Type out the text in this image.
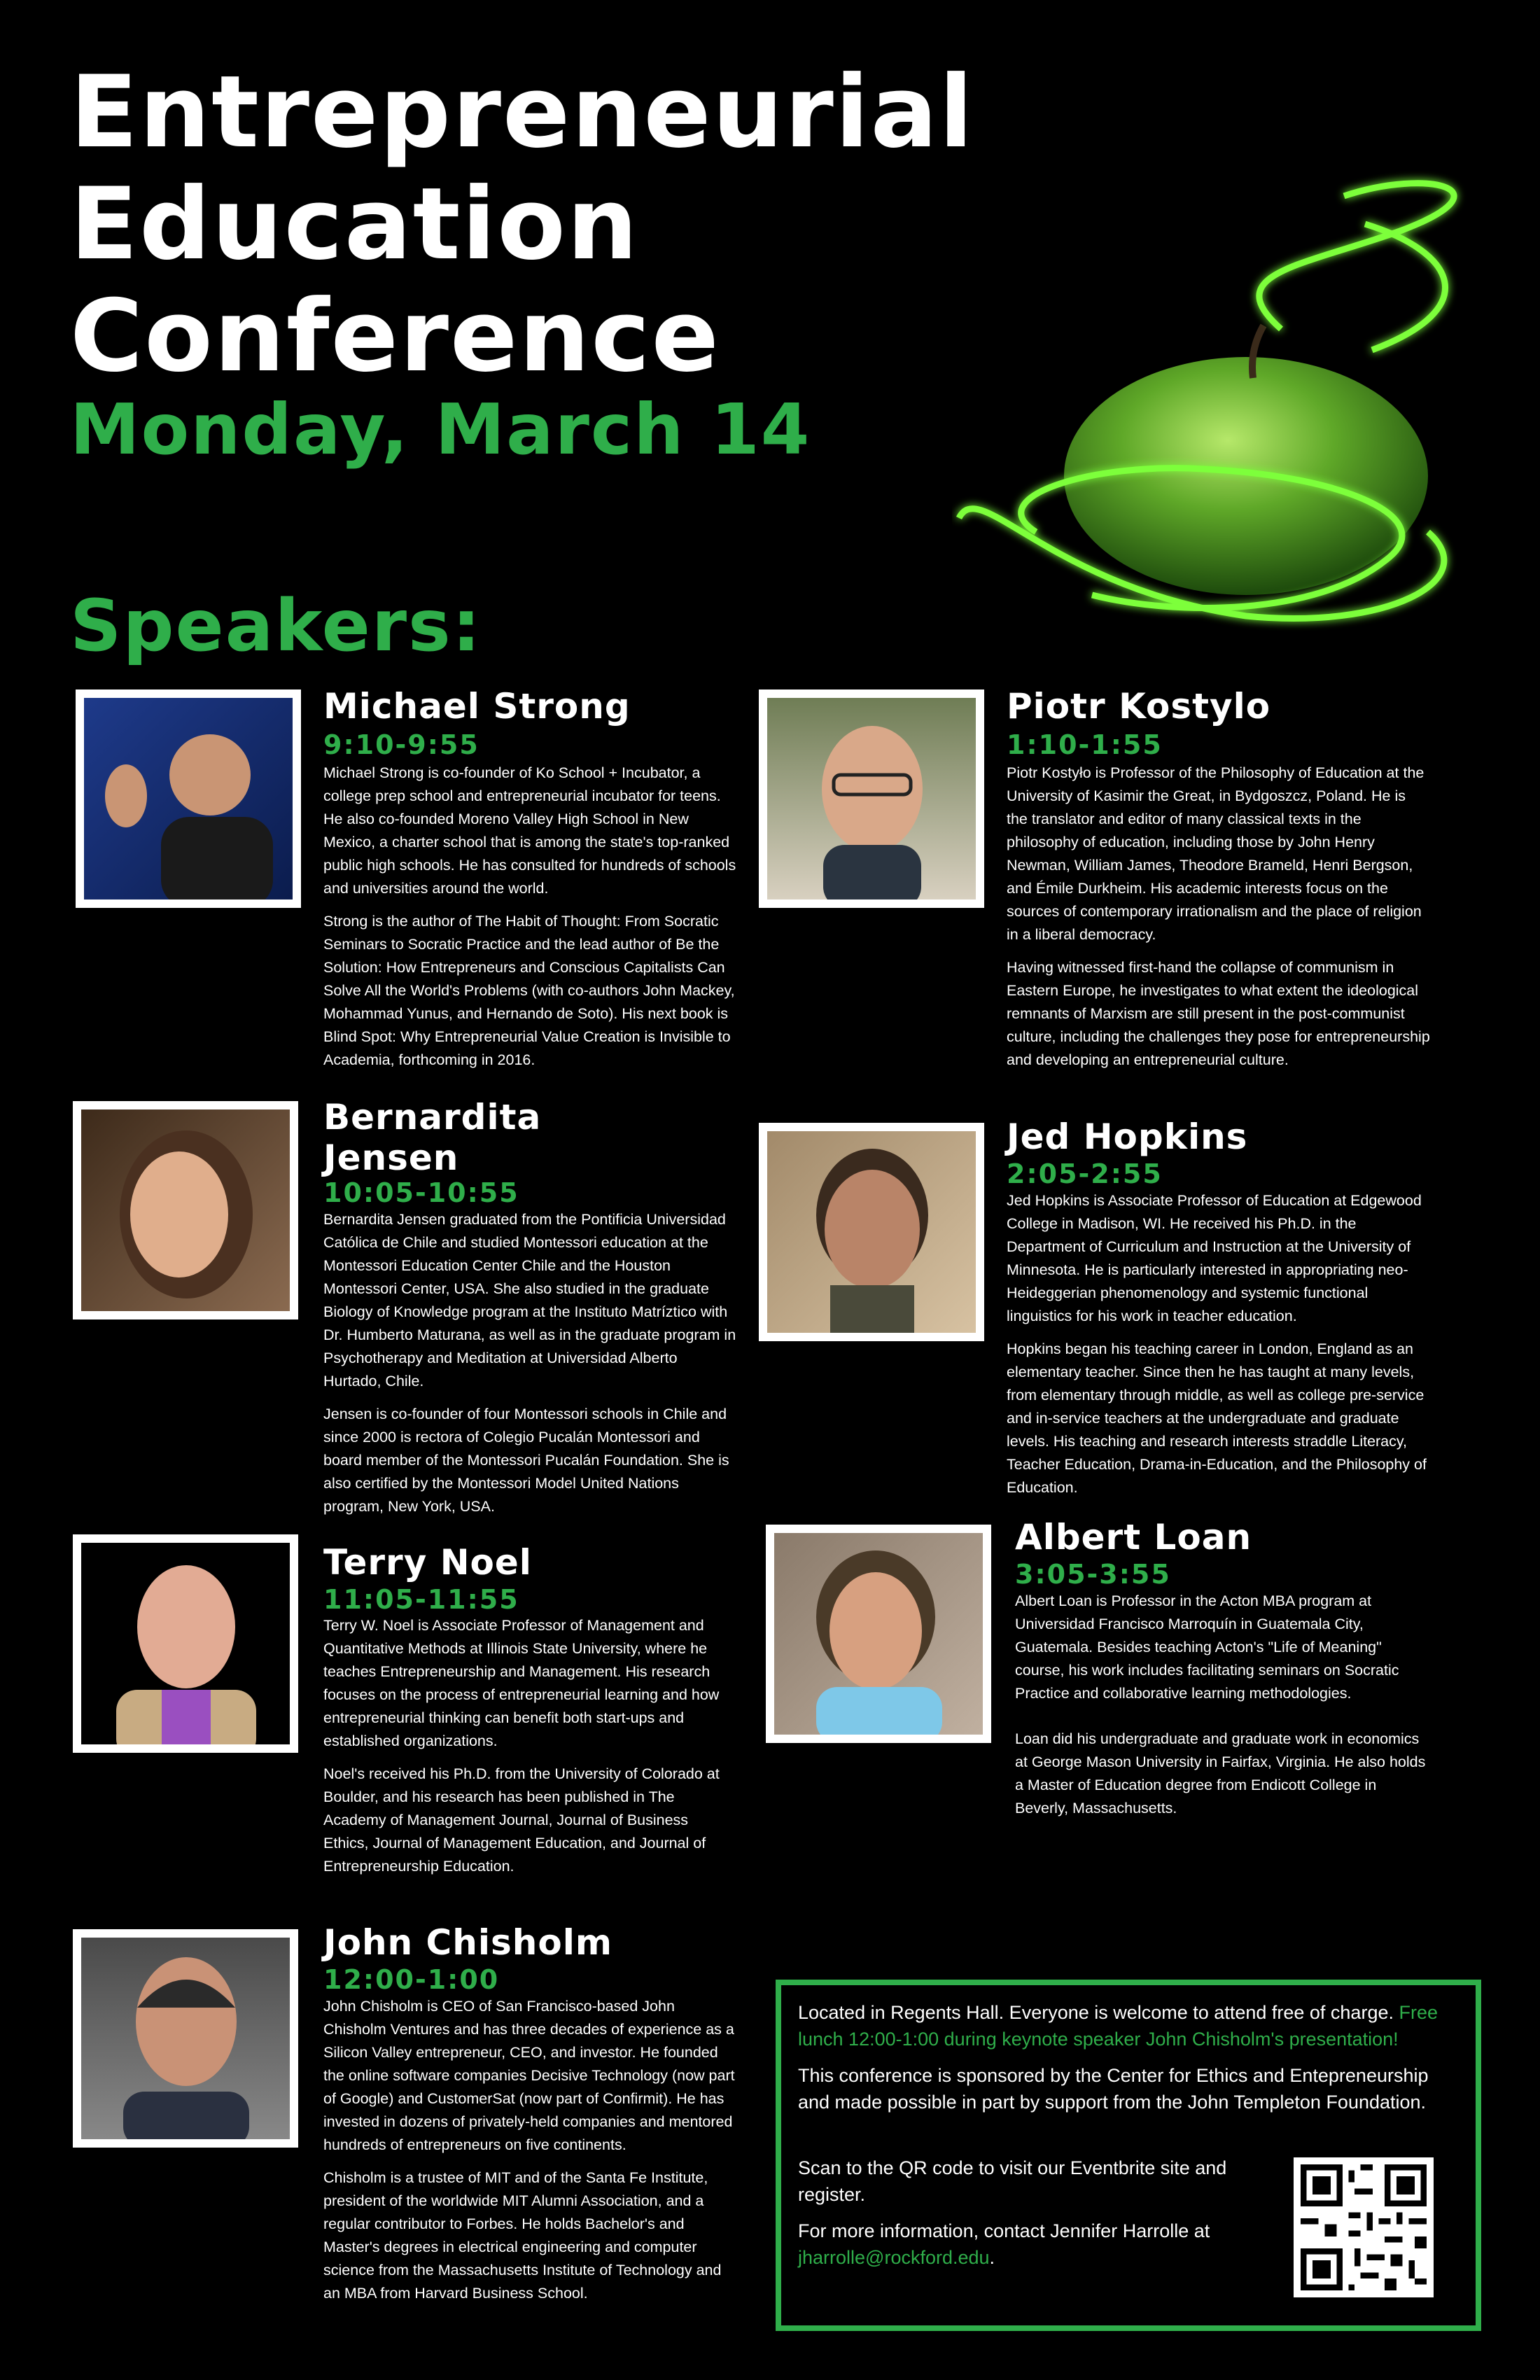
Entrepreneurial
Education
Conference
Monday, March 14
Speakers:
Michael Strong
9:10-9:55

Michael Strong is co-founder of Ko School + Incubator, a college prep school and entrepreneurial incubator for teens. He also co-founded Moreno Valley High School in New Mexico, a charter school that is among the state's top-ranked public high schools. He has consulted for hundreds of schools and universities around the world.

Strong is the author of The Habit of Thought: From Socratic Seminars to Socratic Practice and the lead author of Be the Solution: How Entrepreneurs and Conscious Capitalists Can Solve All the World's Problems (with co-authors John Mackey, Mohammad Yunus, and Hernando de Soto). His next book is Blind Spot: Why Entrepreneurial Value Creation is Invisible to Academia, forthcoming in 2016.

Piotr Kostylo
1:10-1:55

Piotr Kostyło is Professor of the Philosophy of Education at the University of Kasimir the Great, in Bydgoszcz, Poland. He is the translator and editor of many classical texts in the philosophy of education, including those by John Henry Newman, William James, Theodore Brameld, Henri Bergson, and Émile Durkheim. His academic interests focus on the sources of contemporary irrationalism and the place of religion in a liberal democracy.

Having witnessed first-hand the collapse of communism in Eastern Europe, he investigates to what extent the ideological remnants of Marxism are still present in the post-communist culture, including the challenges they pose for entrepreneurship and developing an entrepreneurial culture.

Bernardita
Jensen
10:05-10:55

Bernardita Jensen graduated from the Pontificia Universidad Católica de Chile and studied Montessori education at the Montessori Education Center Chile and the Houston Montessori Center, USA. She also studied in the graduate Biology of Knowledge program at the Instituto Matríztico with Dr. Humberto Maturana, as well as in the graduate program in Psychotherapy and Meditation at Universidad Alberto Hurtado, Chile.

Jensen is co-founder of four Montessori schools in Chile and since 2000 is rectora of Colegio Pucalán Montessori and board member of the Montessori Pucalán Foundation. She is also certified by the Montessori Model United Nations program, New York, USA.

Jed Hopkins
2:05-2:55

Jed Hopkins is Associate Professor of Education at Edgewood College in Madison, WI. He received his Ph.D. in the Department of Curriculum and Instruction at the University of Minnesota. He is particularly interested in appropriating neo-Heideggerian phenomenology and systemic functional linguistics for his work in teacher education.

Hopkins began his teaching career in London, England as an elementary teacher. Since then he has taught at many levels, from elementary through middle, as well as college pre-service and in-service teachers at the undergraduate and graduate levels. His teaching and research interests straddle Literacy, Teacher Education, Drama-in-Education, and the Philosophy of Education.

Terry Noel
11:05-11:55

Terry W. Noel is Associate Professor of Management and Quantitative Methods at Illinois State University, where he teaches Entrepreneurship and Management. His research focuses on the process of entrepreneurial learning and how entrepreneurial thinking can benefit both start-ups and established organizations.

Noel's received his Ph.D. from the University of Colorado at Boulder, and his research has been published in The Academy of Management Journal, Journal of Business Ethics, Journal of Management Education, and Journal of Entrepreneurship Education.

Albert Loan
3:05-3:55

Albert Loan is Professor in the Acton MBA program at Universidad Francisco Marroquín in Guatemala City, Guatemala. Besides teaching Acton's "Life of Meaning" course, his work includes facilitating seminars on Socratic Practice and collaborative learning methodologies.

Loan did his undergraduate and graduate work in economics at George Mason University in Fairfax, Virginia. He also holds a Master of Education degree from Endicott College in Beverly, Massachusetts.

John Chisholm
12:00-1:00

John Chisholm is CEO of San Francisco-based John Chisholm Ventures and has three decades of experience as a Silicon Valley entrepreneur, CEO, and investor. He founded the online software companies Decisive Technology (now part of Google) and CustomerSat (now part of Confirmit). He has invested in dozens of privately-held companies and mentored hundreds of entrepreneurs on five continents.

Chisholm is a trustee of MIT and of the Santa Fe Institute, president of the worldwide MIT Alumni Association, and a regular contributor to Forbes. He holds Bachelor's and Master's degrees in electrical engineering and computer science from the Massachusetts Institute of Technology and an MBA from Harvard Business School.

Located in Regents Hall. Everyone is welcome to attend free of charge. Free lunch 12:00-1:00 during keynote speaker John Chisholm's presentation!

This conference is sponsored by the Center for Ethics and Entepreneurship and made possible in part by support from the John Templeton Foundation.

Scan to the QR code to visit our Eventbrite site and register.

For more information, contact Jennifer Harrolle at jharrolle@rockford.edu.
